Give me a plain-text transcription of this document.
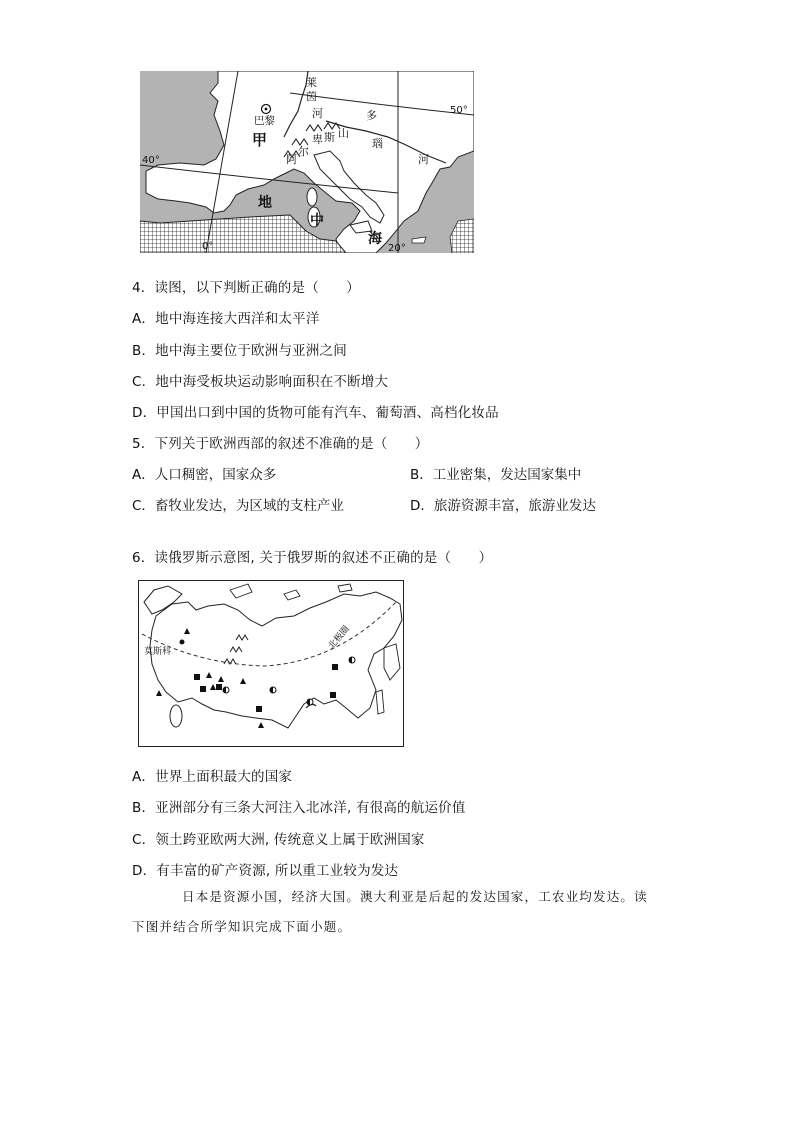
莱
茵
河	多
瑙
河
巴黎
甲
阿
尔
卑 斯 山
地
中
海
50°
40°
0°	20°
4．读图，以下判断正确的是（　　）
A．地中海连接大西洋和太平洋
B．地中海主要位于欧洲与亚洲之间
C．地中海受板块运动影响面积在不断增大
D．甲国出口到中国的货物可能有汽车、葡萄酒、高档化妆品
5．下列关于欧洲西部的叙述不准确的是（　　）
A．人口稠密，国家众多	B．工业密集，发达国家集中
C．畜牧业发达，为区域的支柱产业	D．旅游资源丰富，旅游业发达
6．读俄罗斯示意图, 关于俄罗斯的叙述不正确的是（　　）
莫斯科
北极圈
A．世界上面积最大的国家
B．亚洲部分有三条大河注入北冰洋, 有很高的航运价值
C．领土跨亚欧两大洲, 传统意义上属于欧洲国家
D．有丰富的矿产资源, 所以重工业较为发达
日本是资源小国，经济大国。澳大利亚是后起的发达国家，工农业均发达。读
下图并结合所学知识完成下面小题。
